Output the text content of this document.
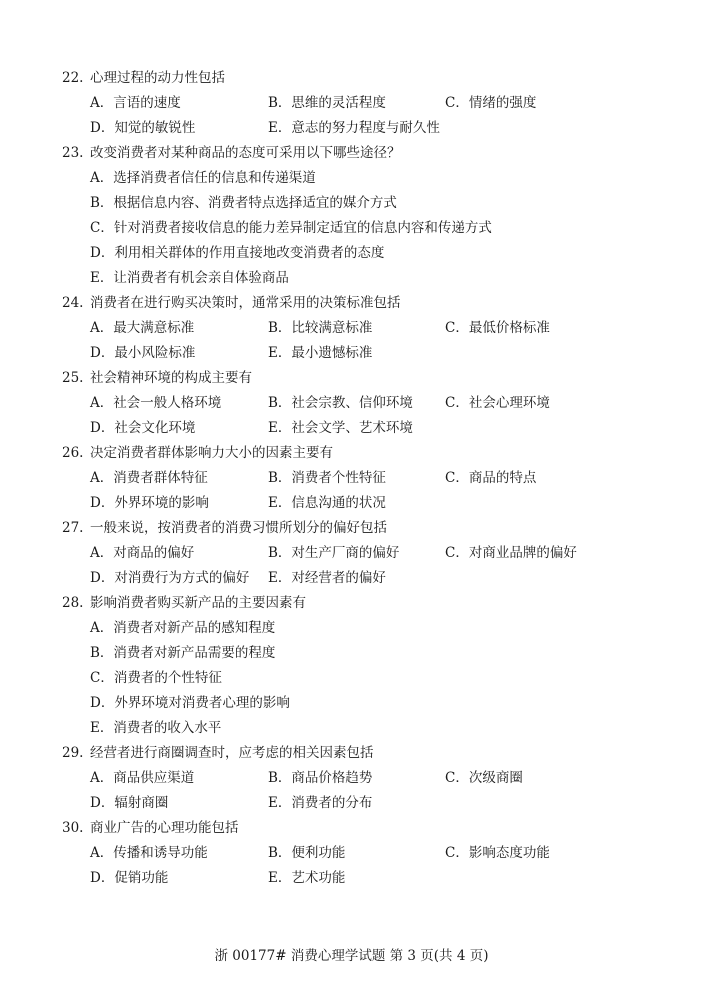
22. 心理过程的动力性包括
A．言语的速度	B．思维的灵活程度	C．情绪的强度
D．知觉的敏锐性	E．意志的努力程度与耐久性
23. 改变消费者对某种商品的态度可采用以下哪些途径？
A．选择消费者信任的信息和传递渠道
B．根据信息内容、消费者特点选择适宜的媒介方式
C．针对消费者接收信息的能力差异制定适宜的信息内容和传递方式
D．利用相关群体的作用直接地改变消费者的态度
E．让消费者有机会亲自体验商品
24. 消费者在进行购买决策时，通常采用的决策标准包括
A．最大满意标准	B．比较满意标准	C．最低价格标准
D．最小风险标准	E．最小遗憾标准
25. 社会精神环境的构成主要有
A．社会一般人格环境	B．社会宗教、信仰环境 C．社会心理环境
D．社会文化环境	E．社会文学、艺术环境
26. 决定消费者群体影响力大小的因素主要有
A．消费者群体特征	B．消费者个性特征	C．商品的特点
D．外界环境的影响	E．信息沟通的状况
27. 一般来说，按消费者的消费习惯所划分的偏好包括
A．对商品的偏好	B．对生产厂商的偏好	C．对商业品牌的偏好
D．对消费行为方式的偏好 E．对经营者的偏好
28. 影响消费者购买新产品的主要因素有
A．消费者对新产品的感知程度
B．消费者对新产品需要的程度
C．消费者的个性特征
D．外界环境对消费者心理的影响
E．消费者的收入水平
29. 经营者进行商圈调查时，应考虑的相关因素包括
A．商品供应渠道	B．商品价格趋势	C．次级商圈
D．辐射商圈	E．消费者的分布
30. 商业广告的心理功能包括
A．传播和诱导功能	B．便利功能	C．影响态度功能
D．促销功能	E．艺术功能
浙 00177# 消费心理学试题 第 3 页(共 4 页)
